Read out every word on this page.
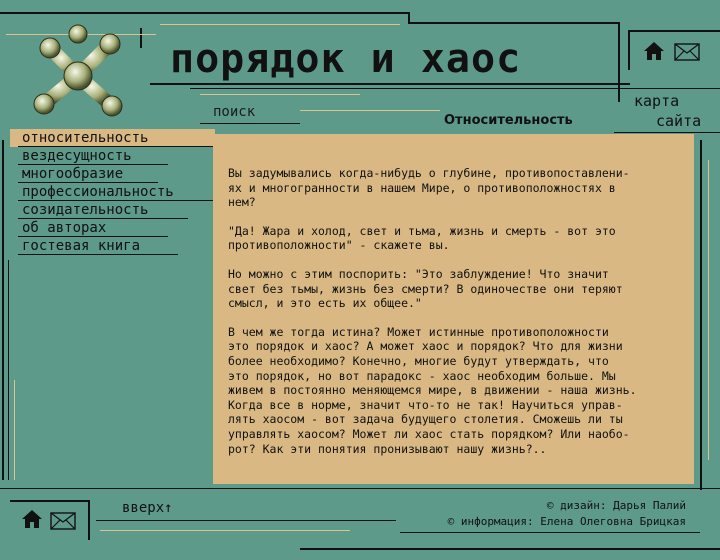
порядок и хаос
поиск
Относительность
карта
сайта
относительность
вездесущность
многообразие
профессиональность
созидательность
об авторах
гостевая книга

Вы задумывались когда-нибудь о глубине, противопоставлени-
ях и многогранности в нашем Мире, о противоположностях в
нем?

"Да! Жара и холод, свет и тьма, жизнь и смерть - вот это
противоположности" - скажете вы.

Но можно с этим поспорить: "Это заблуждение! Что значит
свет без тьмы, жизнь без смерти? В одиночестве они теряют
смысл, и это есть их общее."

В чем же тогда истина? Может истинные противоположности
это порядок и хаос? А может хаос и порядок? Что для жизни
более необходимо? Конечно, многие будут утверждать, что
это порядок, но вот парадокс - хаос необходим больше. Мы
живем в постоянно меняющемся мире, в движении - наша жизнь.
Когда все в норме, значит что-то не так! Научиться управ-
лять хаосом - вот задача будущего столетия. Сможешь ли ты
управлять хаосом? Может ли хаос стать порядком? Или наобо-
рот? Как эти понятия пронизывают нашу жизнь?..

вверх↑	© дизайн: Дарья Палий
© информация: Елена Олеговна Брицкая
